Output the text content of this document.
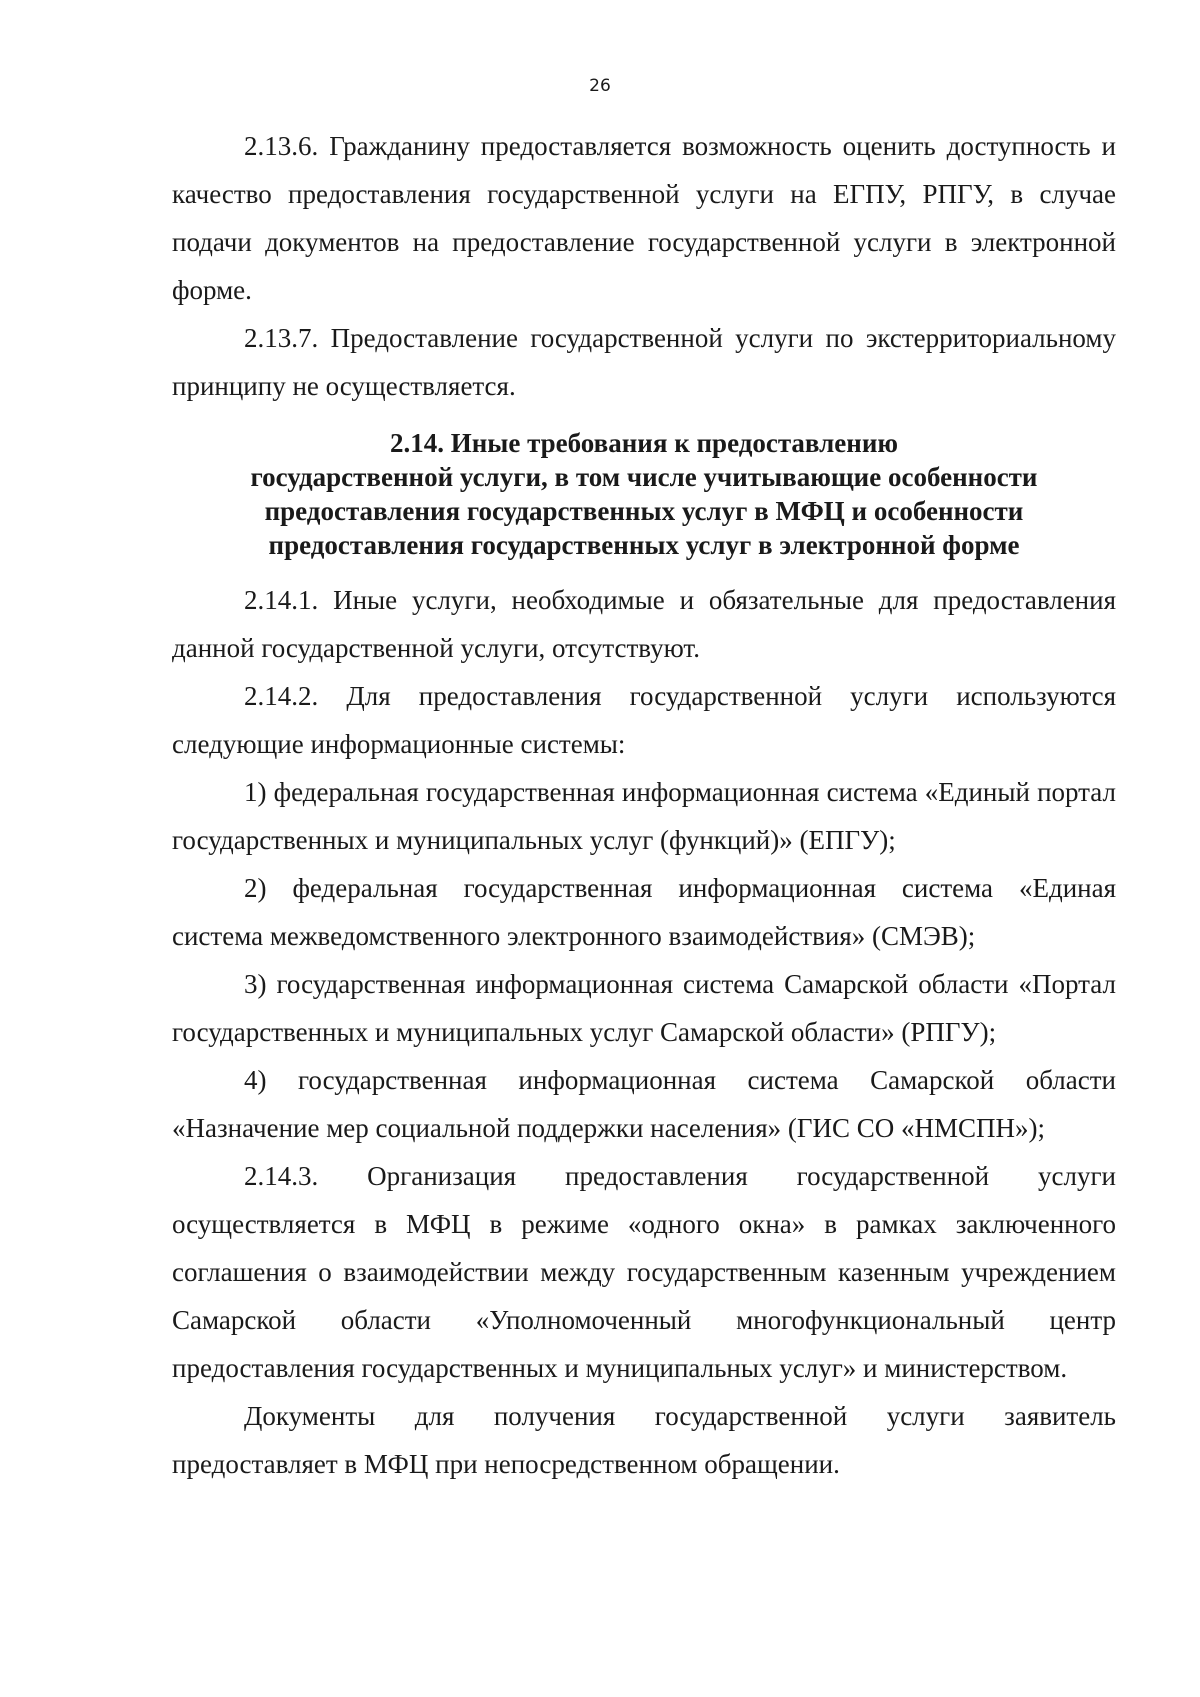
26

2.13.6. Гражданину предоставляется возможность оценить доступность и качество предоставления государственной услуги на ЕГПУ, РПГУ, в случае подачи документов на предоставление государственной услуги в электронной форме.

2.13.7. Предоставление государственной услуги по экстерриториальному принципу не осуществляется.

2.14. Иные требования к предоставлению
государственной услуги, в том числе учитывающие особенности
предоставления государственных услуг в МФЦ и особенности
предоставления государственных услуг в электронной форме

2.14.1. Иные услуги, необходимые и обязательные для предоставления данной государственной услуги, отсутствуют.

2.14.2. Для предоставления государственной услуги используются следующие информационные системы:

1) федеральная государственная информационная система «Единый портал государственных и муниципальных услуг (функций)» (ЕПГУ);

2) федеральная государственная информационная система «Единая система межведомственного электронного взаимодействия» (СМЭВ);

3) государственная информационная система Самарской области «Портал государственных и муниципальных услуг Самарской области» (РПГУ);

4) государственная информационная система Самарской области «Назначение мер социальной поддержки населения» (ГИС СО «НМСПН»);

2.14.3. Организация предоставления государственной услуги осуществляется в МФЦ в режиме «одного окна» в рамках заключенного соглашения о взаимодействии между государственным казенным учреждением Самарской области «Уполномоченный многофункциональный центр предоставления государственных и муниципальных услуг» и министерством.

Документы для получения государственной услуги заявитель предоставляет в МФЦ при непосредственном обращении.
